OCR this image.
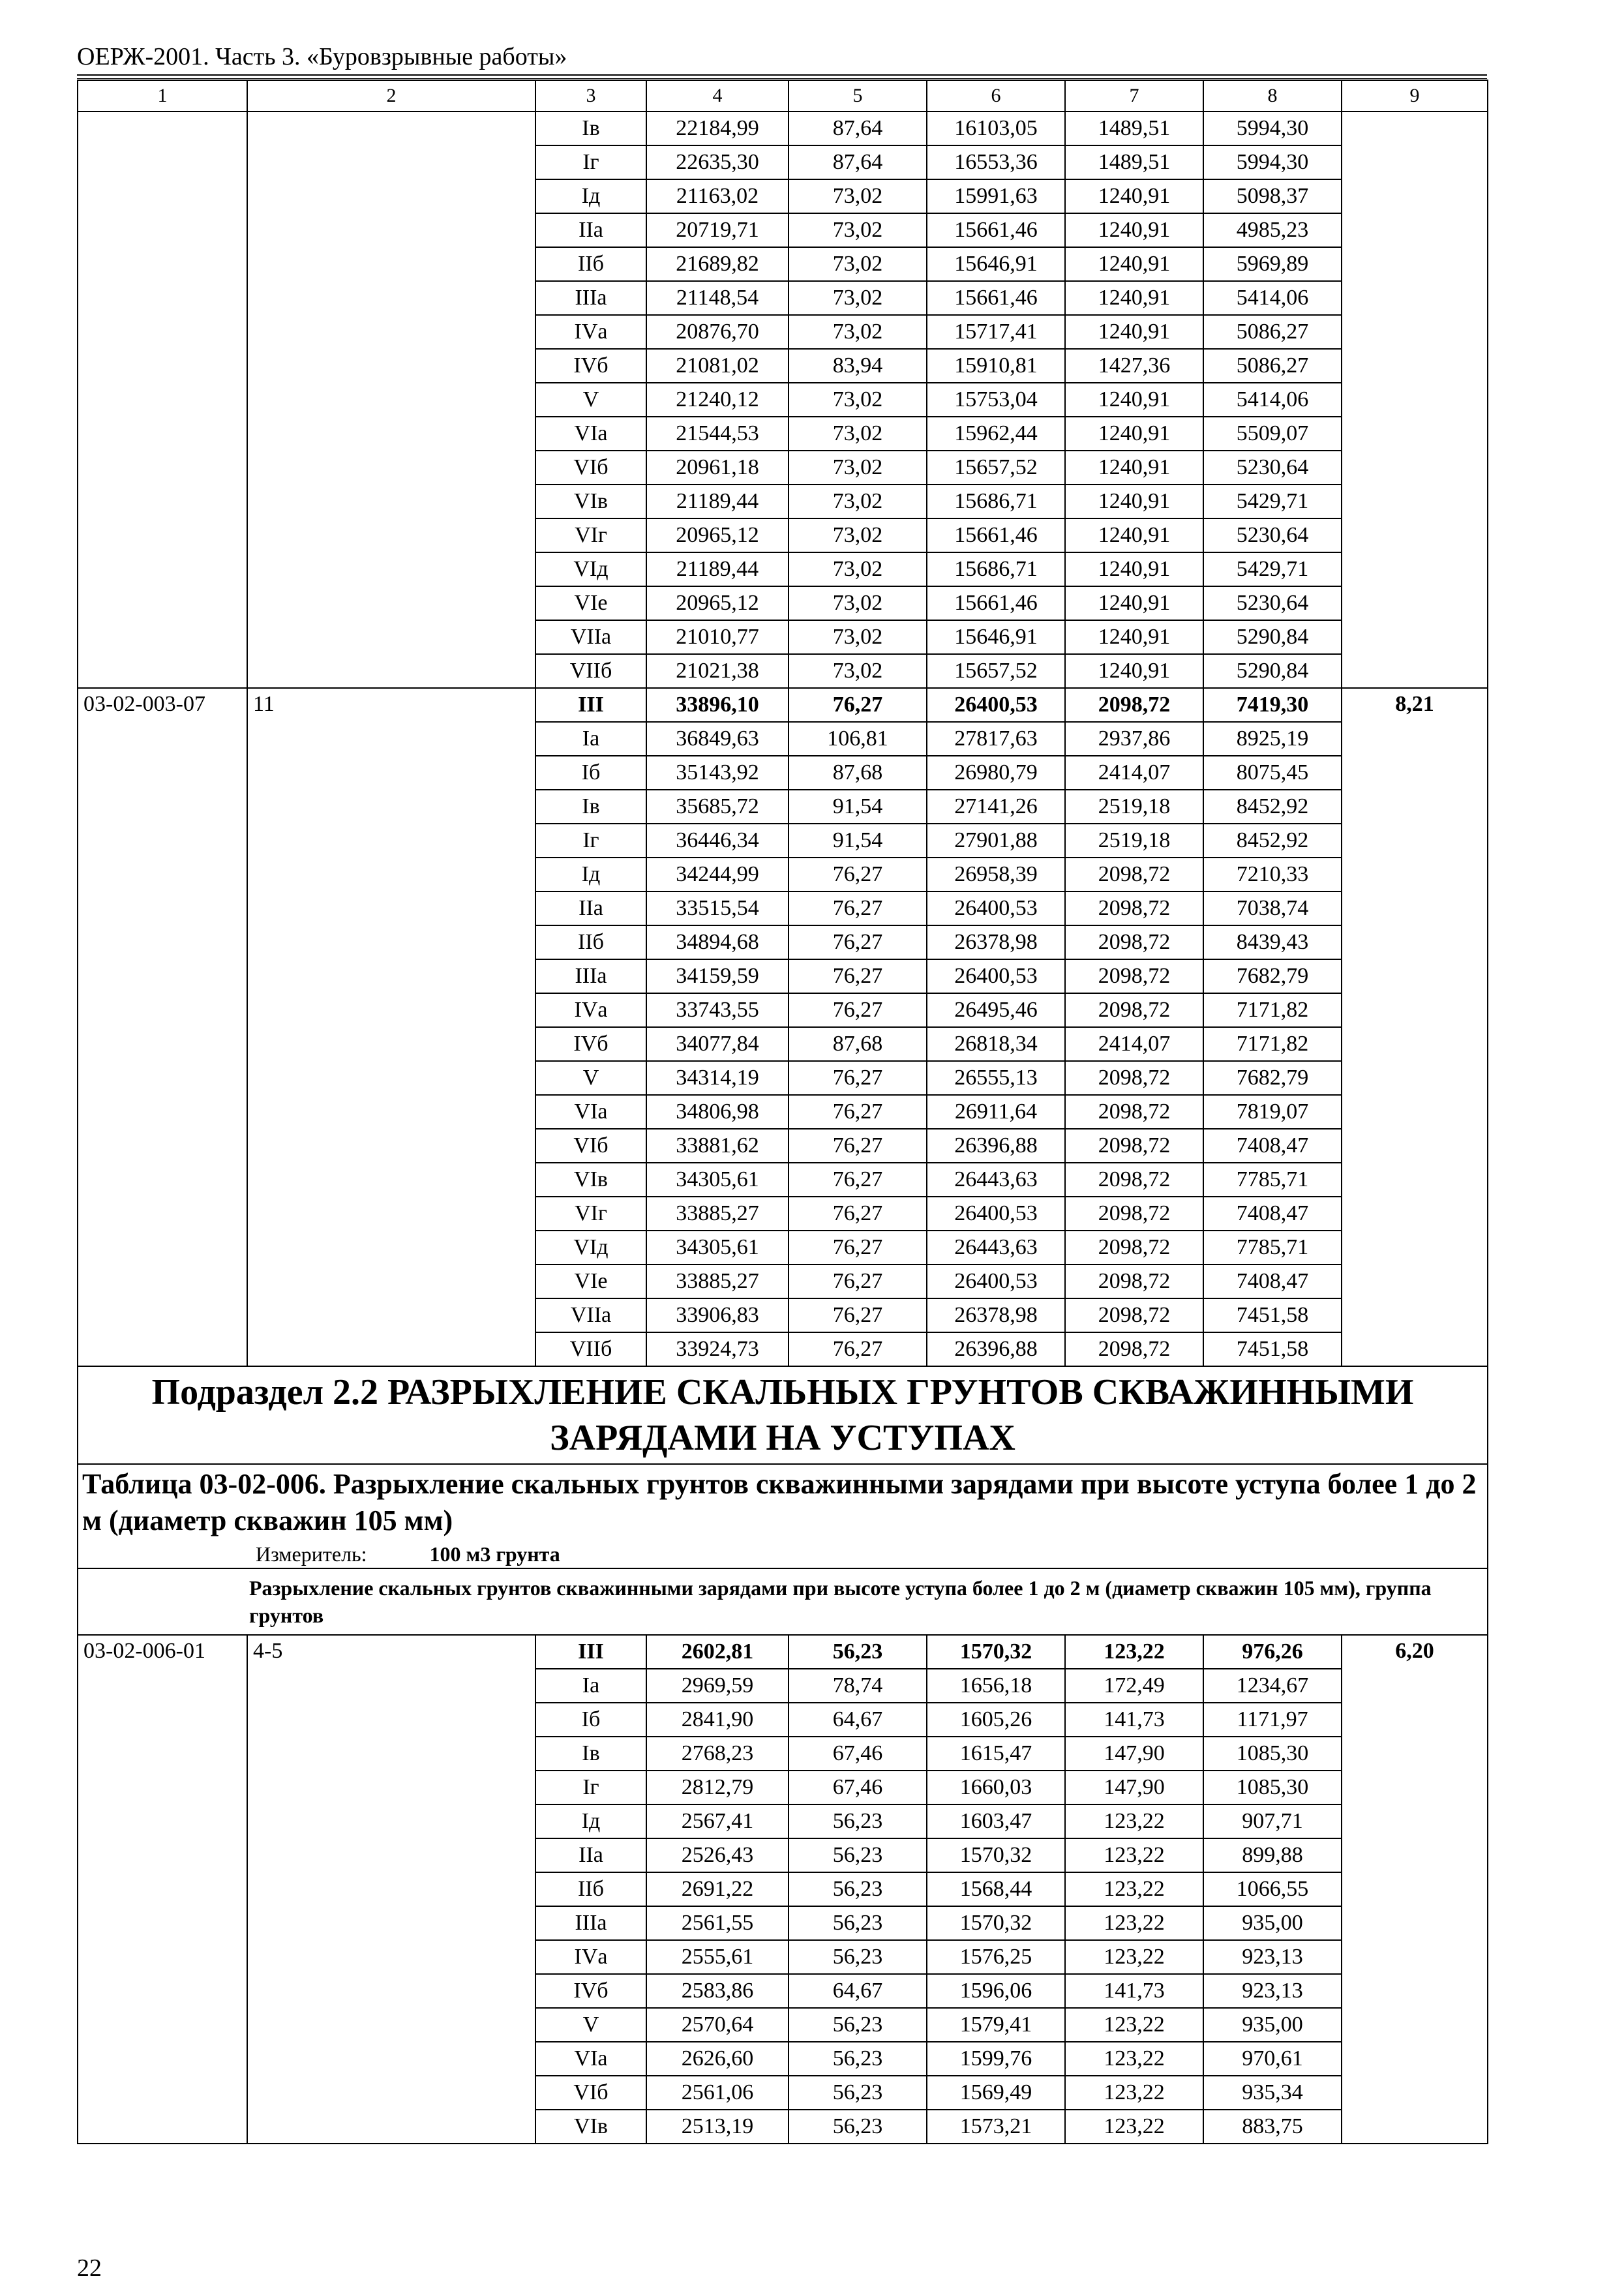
ОЕРЖ-2001. Часть 3. «Буровзрывные работы»
1	2	3	4	5	6	7	8	9
		Iв	22184,99	87,64	16103,05	1489,51	5994,30	
		Iг	22635,30	87,64	16553,36	1489,51	5994,30	
		Iд	21163,02	73,02	15991,63	1240,91	5098,37	
		IIа	20719,71	73,02	15661,46	1240,91	4985,23	
		IIб	21689,82	73,02	15646,91	1240,91	5969,89	
		IIIа	21148,54	73,02	15661,46	1240,91	5414,06	
		IVа	20876,70	73,02	15717,41	1240,91	5086,27	
		IVб	21081,02	83,94	15910,81	1427,36	5086,27	
		V	21240,12	73,02	15753,04	1240,91	5414,06	
		VIа	21544,53	73,02	15962,44	1240,91	5509,07	
		VIб	20961,18	73,02	15657,52	1240,91	5230,64	
		VIв	21189,44	73,02	15686,71	1240,91	5429,71	
		VIг	20965,12	73,02	15661,46	1240,91	5230,64	
		VIд	21189,44	73,02	15686,71	1240,91	5429,71	
		VIе	20965,12	73,02	15661,46	1240,91	5230,64	
		VIIа	21010,77	73,02	15646,91	1240,91	5290,84	
		VIIб	21021,38	73,02	15657,52	1240,91	5290,84	
03-02-003-07	11	III	33896,10	76,27	26400,53	2098,72	7419,30	8,21
		Iа	36849,63	106,81	27817,63	2937,86	8925,19	
		Iб	35143,92	87,68	26980,79	2414,07	8075,45	
		Iв	35685,72	91,54	27141,26	2519,18	8452,92	
		Iг	36446,34	91,54	27901,88	2519,18	8452,92	
		Iд	34244,99	76,27	26958,39	2098,72	7210,33	
		IIа	33515,54	76,27	26400,53	2098,72	7038,74	
		IIб	34894,68	76,27	26378,98	2098,72	8439,43	
		IIIа	34159,59	76,27	26400,53	2098,72	7682,79	
		IVа	33743,55	76,27	26495,46	2098,72	7171,82	
		IVб	34077,84	87,68	26818,34	2414,07	7171,82	
		V	34314,19	76,27	26555,13	2098,72	7682,79	
		VIа	34806,98	76,27	26911,64	2098,72	7819,07	
		VIб	33881,62	76,27	26396,88	2098,72	7408,47	
		VIв	34305,61	76,27	26443,63	2098,72	7785,71	
		VIг	33885,27	76,27	26400,53	2098,72	7408,47	
		VIд	34305,61	76,27	26443,63	2098,72	7785,71	
		VIе	33885,27	76,27	26400,53	2098,72	7408,47	
		VIIа	33906,83	76,27	26378,98	2098,72	7451,58	
		VIIб	33924,73	76,27	26396,88	2098,72	7451,58	
Подраздел 2.2 РАЗРЫХЛЕНИЕ СКАЛЬНЫХ ГРУНТОВ СКВАЖИННЫМИ ЗАРЯДАМИ НА УСТУПАХ								
Таблица 03-02-006. Разрыхление скальных грунтов скважинными зарядами при высоте уступа более 1 до 2 м (диаметр скважин 105 мм)								
Измеритель: 100 м3 грунта								
Разрыхление скальных грунтов скважинными зарядами при высоте уступа более 1 до 2 м (диаметр скважин 105 мм), группа грунтов								
03-02-006-01	4-5	III	2602,81	56,23	1570,32	123,22	976,26	6,20
		Iа	2969,59	78,74	1656,18	172,49	1234,67	
		Iб	2841,90	64,67	1605,26	141,73	1171,97	
		Iв	2768,23	67,46	1615,47	147,90	1085,30	
		Iг	2812,79	67,46	1660,03	147,90	1085,30	
		Iд	2567,41	56,23	1603,47	123,22	907,71	
		IIа	2526,43	56,23	1570,32	123,22	899,88	
		IIб	2691,22	56,23	1568,44	123,22	1066,55	
		IIIа	2561,55	56,23	1570,32	123,22	935,00	
		IVа	2555,61	56,23	1576,25	123,22	923,13	
		IVб	2583,86	64,67	1596,06	141,73	923,13	
		V	2570,64	56,23	1579,41	123,22	935,00	
		VIа	2626,60	56,23	1599,76	123,22	970,61	
		VIб	2561,06	56,23	1569,49	123,22	935,34	
		VIв	2513,19	56,23	1573,21	123,22	883,75	
22
